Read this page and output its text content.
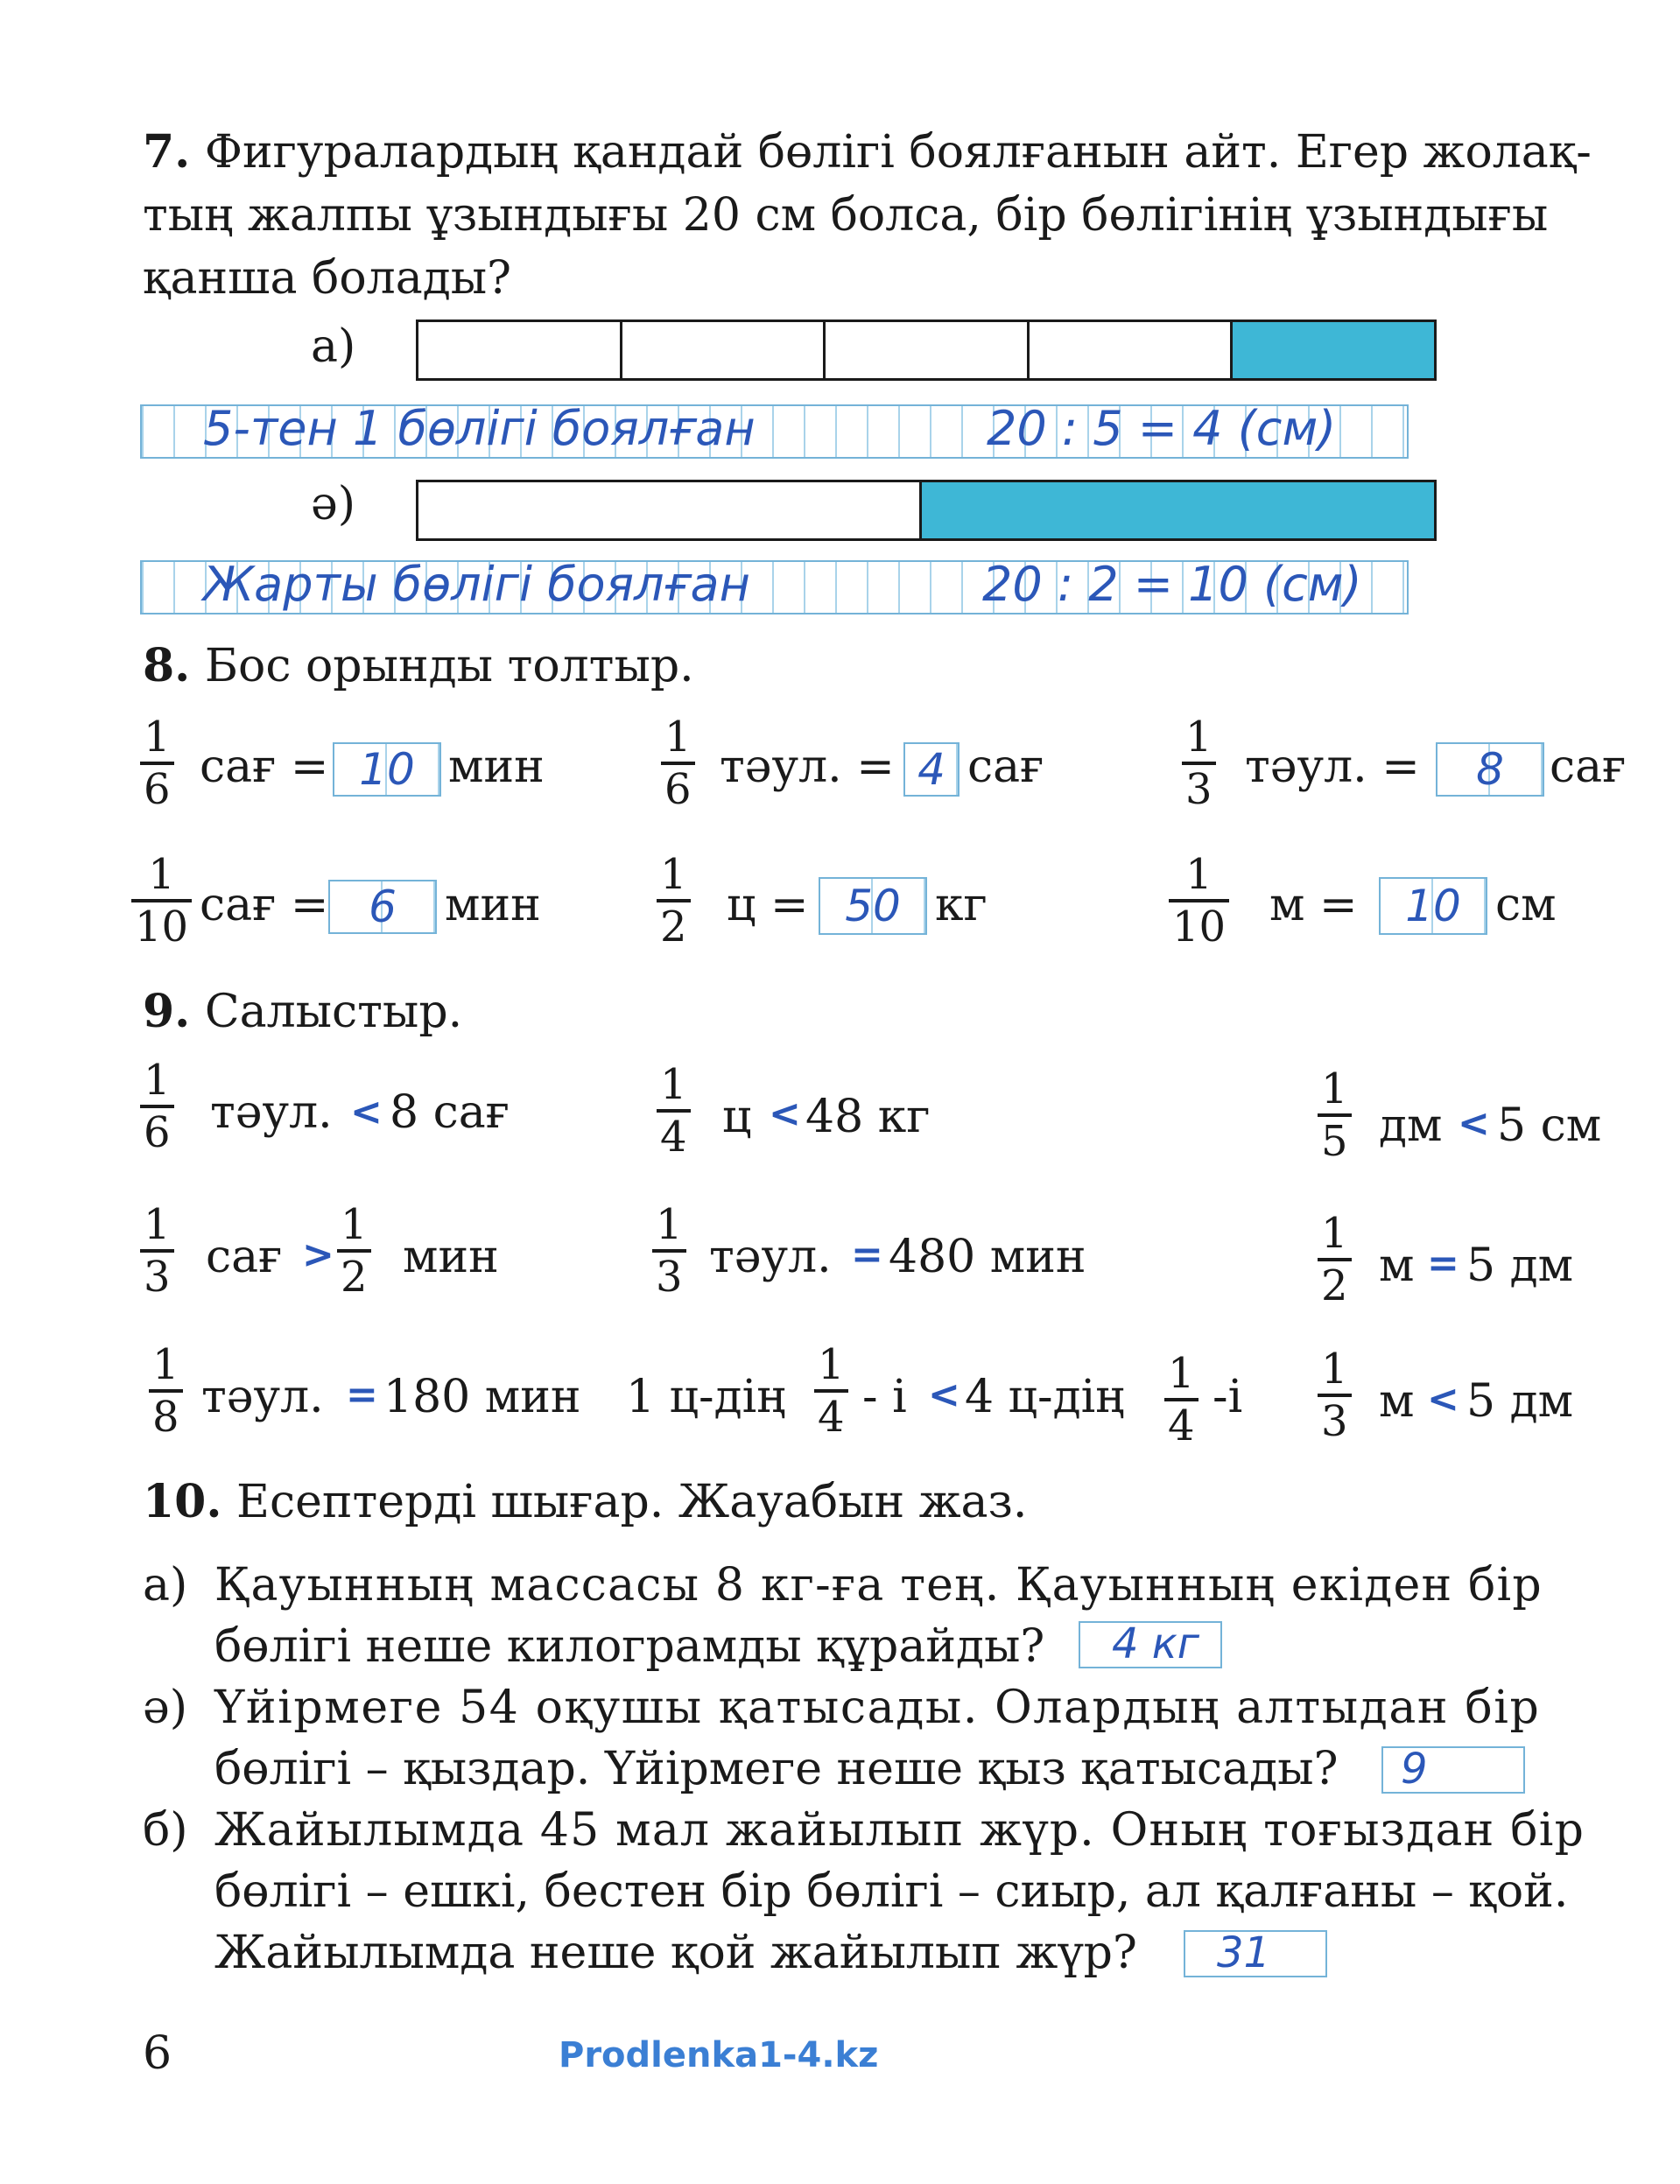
7. Фигуралардың қандай бөлігі боялғанын айт. Егер жолақ-
тың жалпы ұзындығы 20 см болса, бір бөлігінің ұзындығы
қанша болады?
а)
5-тен 1 бөлігі боялған	20 : 5 = 4 (см)
ә)
Жарты бөлігі боялған	20 : 2 = 10 (см)
8. Бос орынды толтыр.
1
6 сағ = 10 мин
1
6 тәул. = 4 сағ
1
3 тәул. =	8	сағ
1
10 сағ = 6	мин
1
2 ц = 50 кг
1
10 м =	10 см
9. Салыстыр.
1
6 тәул. < 8 сағ
1
4 ц < 48 кг
1
5 дм < 5 см
1
3 сағ >
1
2 мин
1
3 тәул. = 480 мин	1
2 м = 5 дм
1
8 тәул. = 180 мин 1 ц-дің
1
4 - і < 4 ц-дің 1
4
-і
1
3 м < 5 дм
10. Есептерді шығар. Жауабын жаз.
а) Қауынның массасы 8 кг-ға тең. Қауынның екіден бір
бөлігі неше килограмды құрайды? 4 кг
ә) Үйірмеге 54 оқушы қатысады. Олардың алтыдан бір
бөлігі – қыздар. Үйірмеге неше қыз қатысады? 9
б) Жайылымда 45 мал жайылып жүр. Оның тоғыздан бір
бөлігі – ешкі, бестен бір бөлігі – сиыр, ал қалғаны – қой.
Жайылымда неше қой жайылып жүр? 31
6	Prodlenka1-4.kz
